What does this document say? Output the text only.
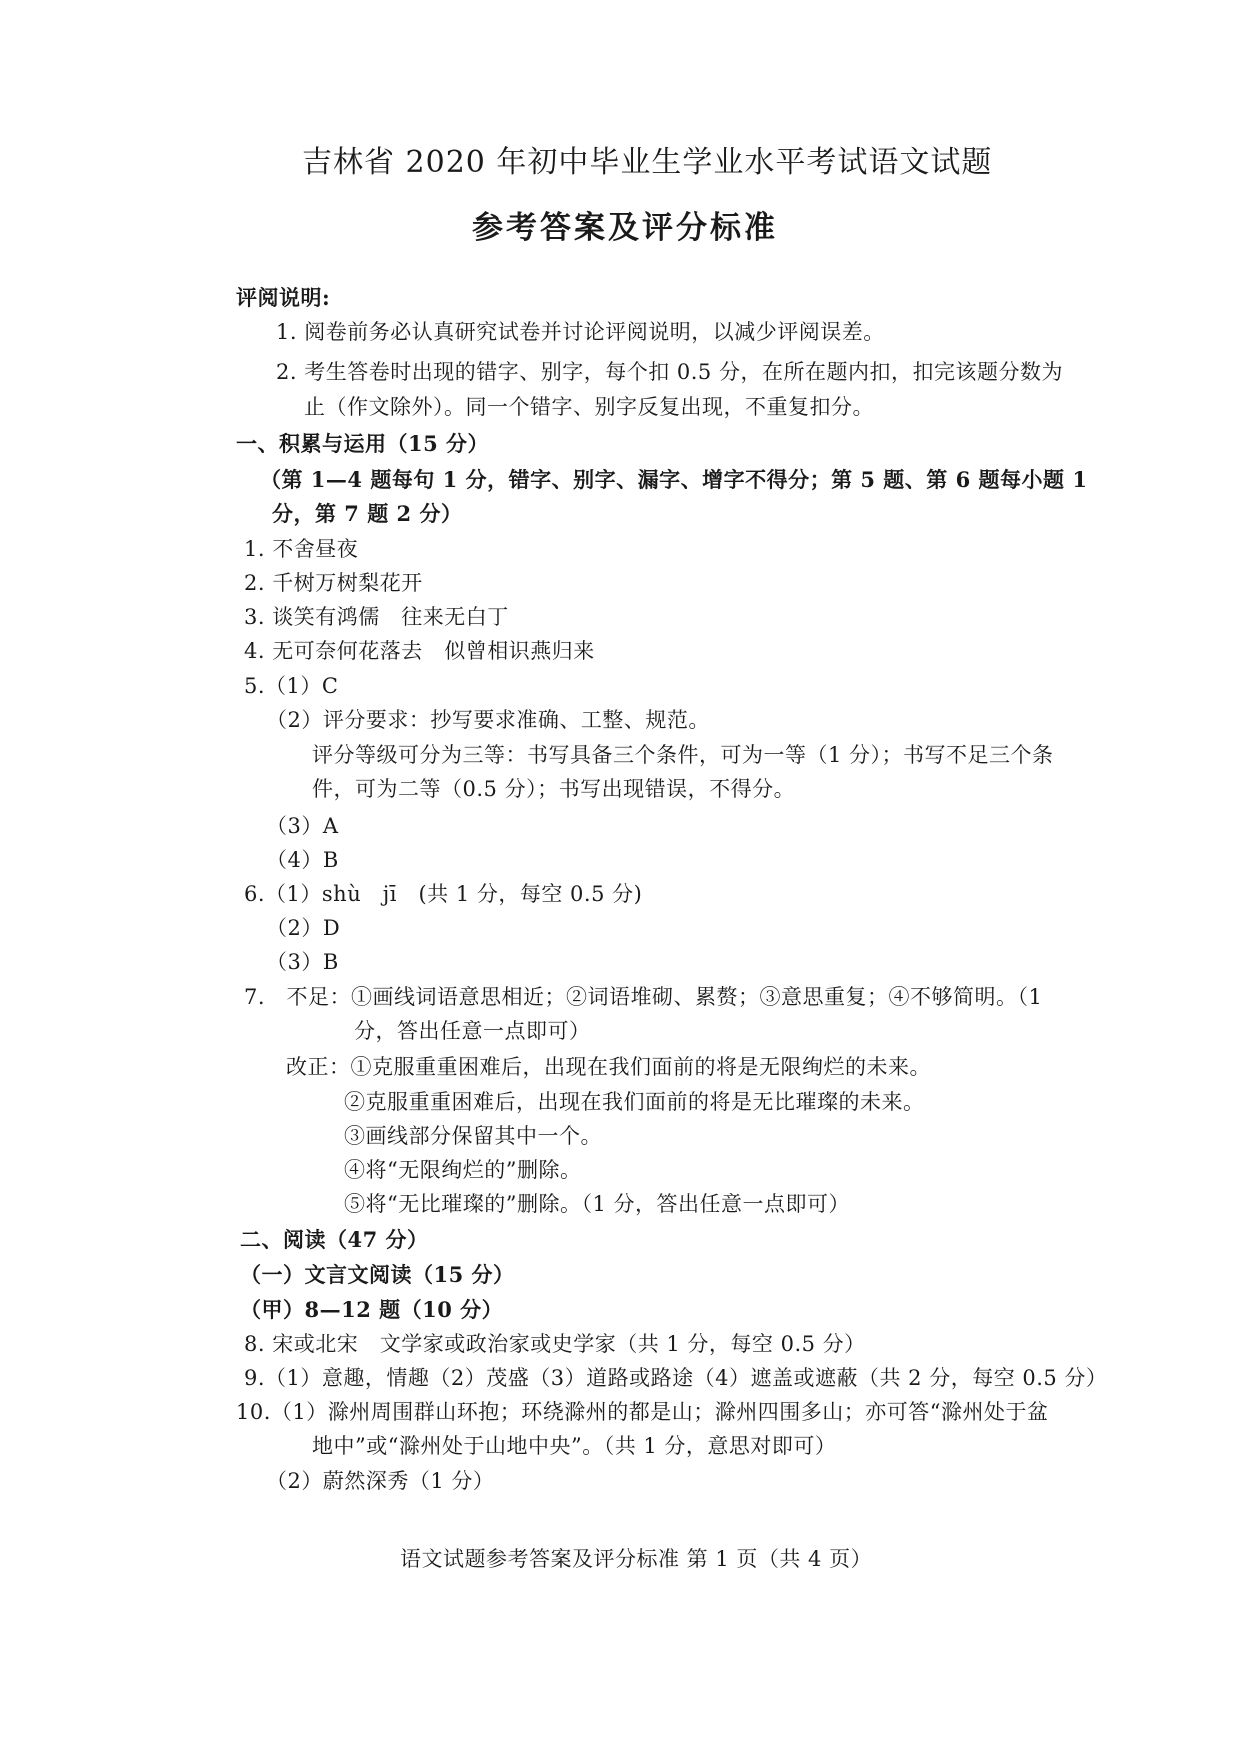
吉林省 2020 年初中毕业生学业水平考试语文试题
参考答案及评分标准
评阅说明:
1. 阅卷前务必认真研究试卷并讨论评阅说明，以减少评阅误差。
2. 考生答卷时出现的错字、别字，每个扣 0.5 分，在所在题内扣，扣完该题分数为
止（作文除外）。同一个错字、别字反复出现，不重复扣分。
一、积累与运用（15 分）
（第 1—4 题每句 1 分，错字、别字、漏字、增字不得分；第 5 题、第 6 题每小题 1
分，第 7 题 2 分）
1. 不舍昼夜
2. 千树万树梨花开
3. 谈笑有鸿儒　往来无白丁
4. 无可奈何花落去　似曾相识燕归来
5.（1）C
（2）评分要求：抄写要求准确、工整、规范。
评分等级可分为三等：书写具备三个条件，可为一等（1 分）；书写不足三个条
件，可为二等（0.5 分）；书写出现错误，不得分。
（3）A
（4）B
6.（1）shù　jī　(共 1 分，每空 0.5 分)
（2）D
（3）B
7.　不足：①画线词语意思相近；②词语堆砌、累赘；③意思重复；④不够简明。（1
分，答出任意一点即可）
改正：①克服重重困难后，出现在我们面前的将是无限绚烂的未来。
②克服重重困难后，出现在我们面前的将是无比璀璨的未来。
③画线部分保留其中一个。
④将“无限绚烂的”删除。
⑤将“无比璀璨的”删除。（1 分，答出任意一点即可）
二、阅读（47 分）
（一）文言文阅读（15 分）
（甲）8—12 题（10 分）
8. 宋或北宋　文学家或政治家或史学家（共 1 分，每空 0.5 分）
9.（1）意趣，情趣（2）茂盛（3）道路或路途（4）遮盖或遮蔽（共 2 分，每空 0.5 分）
10.（1）滁州周围群山环抱；环绕滁州的都是山；滁州四围多山；亦可答“滁州处于盆
地中”或“滁州处于山地中央”。（共 1 分，意思对即可）
（2）蔚然深秀（1 分）
语文试题参考答案及评分标准 第 1 页（共 4 页）
